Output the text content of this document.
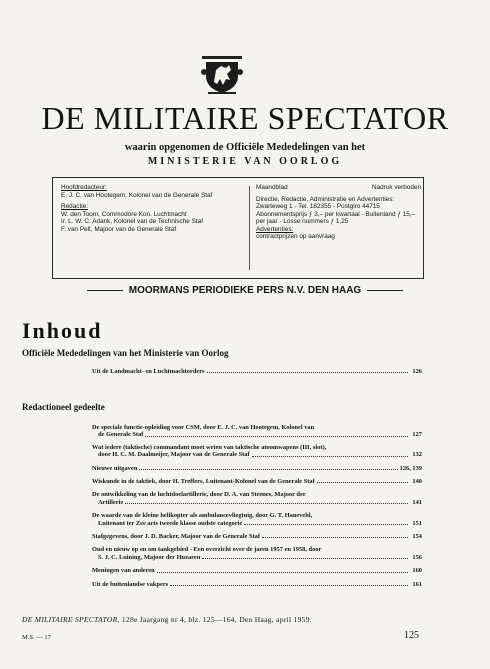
DE MILITAIRE SPECTATOR
waarin opgenomen de Officiële Mededelingen van het
MINISTERIE VAN OORLOG

Hoofdredacteur:

E. J. C. van Hootegem, Kolonel van de Generale Staf

Redactie:

W. den Toom, Commodore Kon. Luchtmacht

Ir. L. W. C. Adank, Kolonel van de Technische Staf

F. van Pelt, Majoor van de Generale Staf

Maandblad	Nadruk verboden

Directie, Redactie, Administratie en Advertenties: Zwarteweg 1 - Tel. 182355 - Postgiro 44715

Abonnementsprijs ƒ 3,– per kwartaal - Buitenland ƒ 15,– per jaar - Losse nummers ƒ 1,25

Advertenties:

contractprijzen op aanvraag

MOORMANS PERIODIEKE PERS N.V. DEN HAAG
Inhoud
Officiële Mededelingen van het Ministerie van Oorlog
Uit de Landmacht- en Luchtmachtorders	126
Redactioneel gedeelte
De speciale functie-opleiding voor CSM, door E. J. C. van Hootegem, Kolonel van
de Generale Staf	127
Wat iedere (taktische) commandant moet weten van taktische atoomwapens (III, slot),
door H. C. M. Daalmeijer, Majoor van de Generale Staf	132
Nieuwe uitgaven	126, 139
Wiskunde in de taktiek, door H. Treffers, Luitenant-Kolonel van de Generale Staf	140
De ontwikkeling van de luchtdoelartillerie, door D. A. van Steenes, Majoor der
Artillerie	141
De waarde van de kleine helikopter als ambulancevliegtuig, door G. T. Haneveld,
Luitenant ter Zee arts tweede klasse oudste categorie	151
Stafgegevens, door J. D. Backer, Majoor van de Generale Staf	154
Oud en nieuw op en om tankgebied - Een overzicht over de jaren 1957 en 1958, door
S. J. C. Luining, Majoor der Huzaren	156
Meningen van anderen	160
Uit de buitenlandse vakpers	161
DE MILITAIRE SPECTATOR, 128e Jaargang nr 4, blz. 125—164, Den Haag, april 1959.
M.S. — 17	125
